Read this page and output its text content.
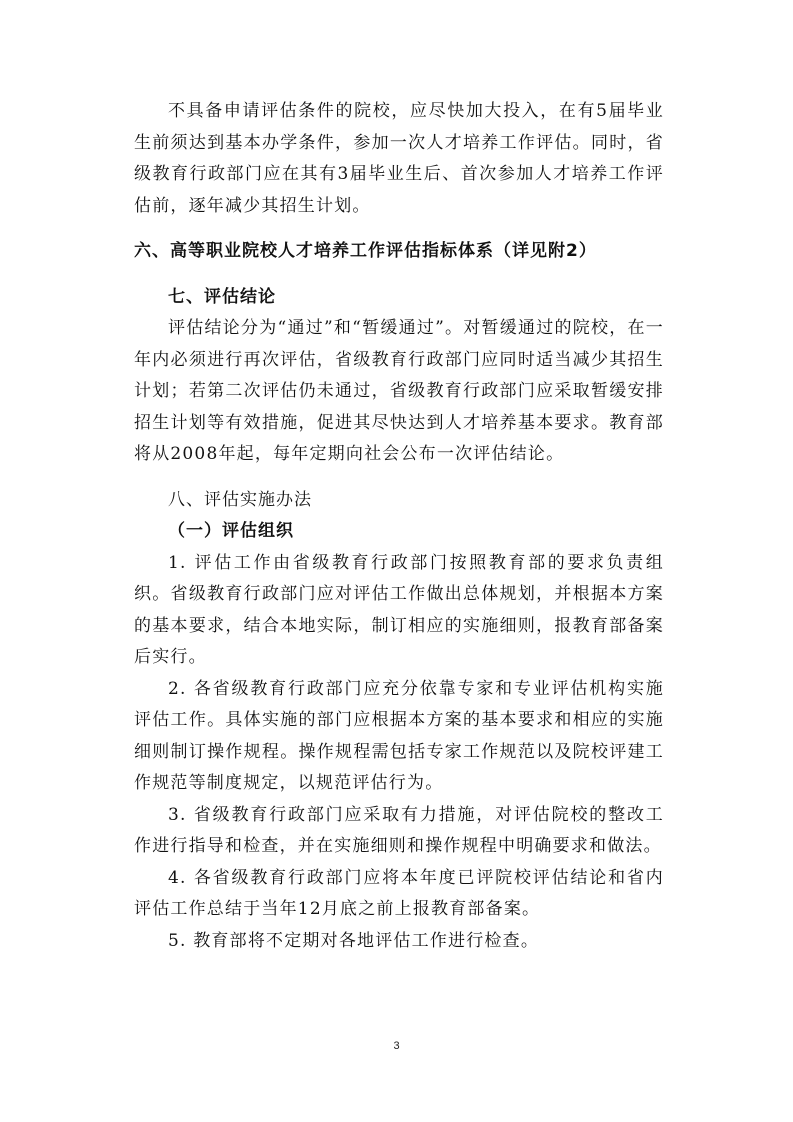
不具备申请评估条件的院校，应尽快加大投入，在有5届毕业生前须达到基本办学条件，参加一次人才培养工作评估。同时，省级教育行政部门应在其有3届毕业生后、首次参加人才培养工作评估前，逐年减少其招生计划。

六、高等职业院校人才培养工作评估指标体系（详见附2）

七、评估结论

评估结论分为“通过”和“暂缓通过”。对暂缓通过的院校，在一年内必须进行再次评估，省级教育行政部门应同时适当减少其招生计划；若第二次评估仍未通过，省级教育行政部门应采取暂缓安排招生计划等有效措施，促进其尽快达到人才培养基本要求。教育部将从2008年起，每年定期向社会公布一次评估结论。

八、评估实施办法

（一）评估组织

1. 评估工作由省级教育行政部门按照教育部的要求负责组织。省级教育行政部门应对评估工作做出总体规划，并根据本方案的基本要求，结合本地实际，制订相应的实施细则，报教育部备案后实行。

2. 各省级教育行政部门应充分依靠专家和专业评估机构实施评估工作。具体实施的部门应根据本方案的基本要求和相应的实施细则制订操作规程。操作规程需包括专家工作规范以及院校评建工作规范等制度规定，以规范评估行为。

3. 省级教育行政部门应采取有力措施，对评估院校的整改工作进行指导和检查，并在实施细则和操作规程中明确要求和做法。

4. 各省级教育行政部门应将本年度已评院校评估结论和省内评估工作总结于当年12月底之前上报教育部备案。

5. 教育部将不定期对各地评估工作进行检查。

3
